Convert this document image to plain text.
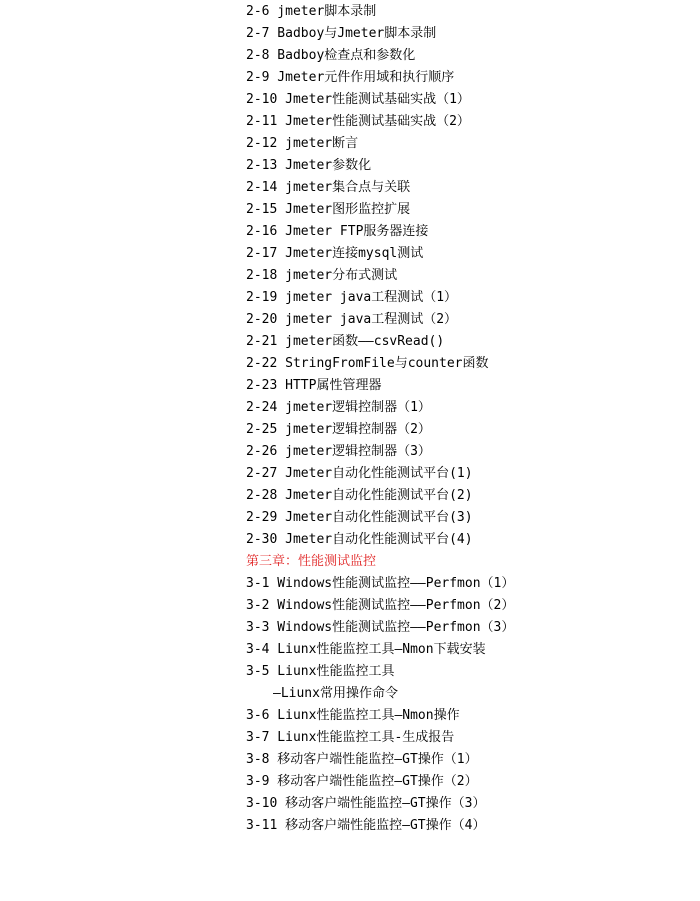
2-6 jmeter脚本录制
2-7 Badboy与Jmeter脚本录制
2-8 Badboy检查点和参数化
2-9 Jmeter元件作用域和执行顺序
2-10 Jmeter性能测试基础实战（1）
2-11 Jmeter性能测试基础实战（2）
2-12 jmeter断言
2-13 Jmeter参数化
2-14 jmeter集合点与关联
2-15 Jmeter图形监控扩展
2-16 Jmeter FTP服务器连接
2-17 Jmeter连接mysql测试
2-18 jmeter分布式测试
2-19 jmeter java工程测试（1）
2-20 jmeter java工程测试（2）
2-21 jmeter函数——csvRead()
2-22 StringFromFile与counter函数
2-23 HTTP属性管理器
2-24 jmeter逻辑控制器（1）
2-25 jmeter逻辑控制器（2）
2-26 jmeter逻辑控制器（3）
2-27 Jmeter自动化性能测试平台(1)
2-28 Jmeter自动化性能测试平台(2)
2-29 Jmeter自动化性能测试平台(3)
2-30 Jmeter自动化性能测试平台(4)
第三章：性能测试监控
3-1 Windows性能测试监控——Perfmon（1）
3-2 Windows性能测试监控——Perfmon（2）
3-3 Windows性能测试监控——Perfmon（3）
3-4 Liunx性能监控工具—Nmon下载安装
3-5 Liunx性能监控工具
—Liunx常用操作命令
3-6 Liunx性能监控工具—Nmon操作
3-7 Liunx性能监控工具-生成报告
3-8 移动客户端性能监控—GT操作（1）
3-9 移动客户端性能监控—GT操作（2）
3-10 移动客户端性能监控—GT操作（3）
3-11 移动客户端性能监控—GT操作（4）
